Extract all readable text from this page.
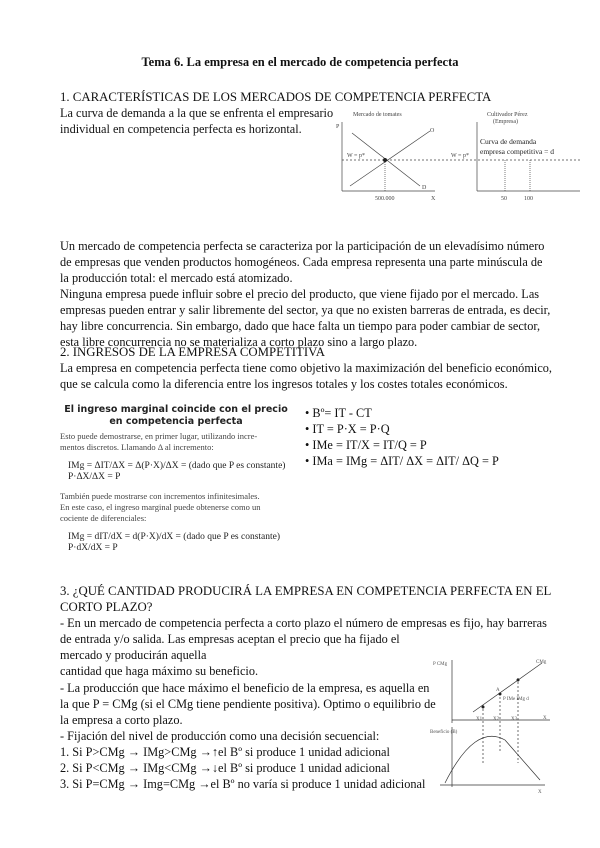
Tema 6. La empresa en el mercado de competencia perfecta
1. CARACTERÍSTICAS DE LOS MERCADOS DE COMPETENCIA PERFECTA
La curva de demanda a la que se enfrenta el empresario
individual en competencia perfecta es horizontal.
Mercado de tomates	Cultivador Pérez
(Empresa)
P
O
D
W = p*	W = p*
500.000	X
Curva de demanda
empresa competitiva = d
50	100
Un mercado de competencia perfecta se caracteriza por la participación de un elevadísimo número
de empresas que venden productos homogéneos. Cada empresa representa una parte minúscula de
la producción total: el mercado está atomizado.
Ninguna empresa puede influir sobre el precio del producto, que viene fijado por el mercado. Las
empresas pueden entrar y salir libremente del sector, ya que no existen barreras de entrada, es decir,
hay libre concurrencia. Sin embargo, dado que hace falta un tiempo para poder cambiar de sector,
esta libre concurrencia no se materializa a corto plazo sino a largo plazo.
2. INGRESOS DE LA EMPRESA COMPETITIVA
La empresa en competencia perfecta tiene como objetivo la maximización del beneficio económico,
que se calcula como la diferencia entre los ingresos totales y los costes totales económicos.
El ingreso marginal coincide con el precio
en competencia perfecta
Esto puede demostrarse, en primer lugar, utilizando incre-
mentos discretos. Llamando Δ al incremento:
IMg = ΔIT/ΔX = Δ(P·X)/ΔX = (dado que P es constante) P·ΔX/ΔX = P
También puede mostrarse con incrementos infinitesimales.
En este caso, el ingreso marginal puede obtenerse como un
cociente de diferenciales:
IMg = dIT/dX = d(P·X)/dX = (dado que P es constante) P·dX/dX = P
• Bº= IT - CT
• IT = P·X = P·Q
• IMe = IT/X = IT/Q = P
• IMa = IMg = ΔIT/ ΔX = ΔIT/ ΔQ = P
3. ¿QUÉ CANTIDAD PRODUCIRÁ LA EMPRESA EN COMPETENCIA PERFECTA EN EL
CORTO PLAZO?
- En un mercado de competencia perfecta a corto plazo el número de empresas es fijo, hay barreras
de entrada y/o salida. Las empresas aceptan el precio que ha fijado el
mercado y producirán aquella
cantidad que haga máximo su beneficio.
- La producción que hace máximo el beneficio de la empresa, es aquella en
la que P = CMg (si el CMg tiene pendiente positiva). Optimo o equilibrio de
la empresa a corto plazo.
- Fijación del nivel de producción como una decisión secuencial:
1. Si P>CMg → IMg>CMg →↑el Bº si produce 1 unidad adicional
2. Si P<CMg → IMg<CMg →↓el Bº si produce 1 unidad adicional
3. Si P=CMg → Img=CMg →el Bº no varía si produce 1 unidad adicional
P CMg	CMg
A
P IMe IMg d
X1 X2 X3	X
Beneficio (B)
X
